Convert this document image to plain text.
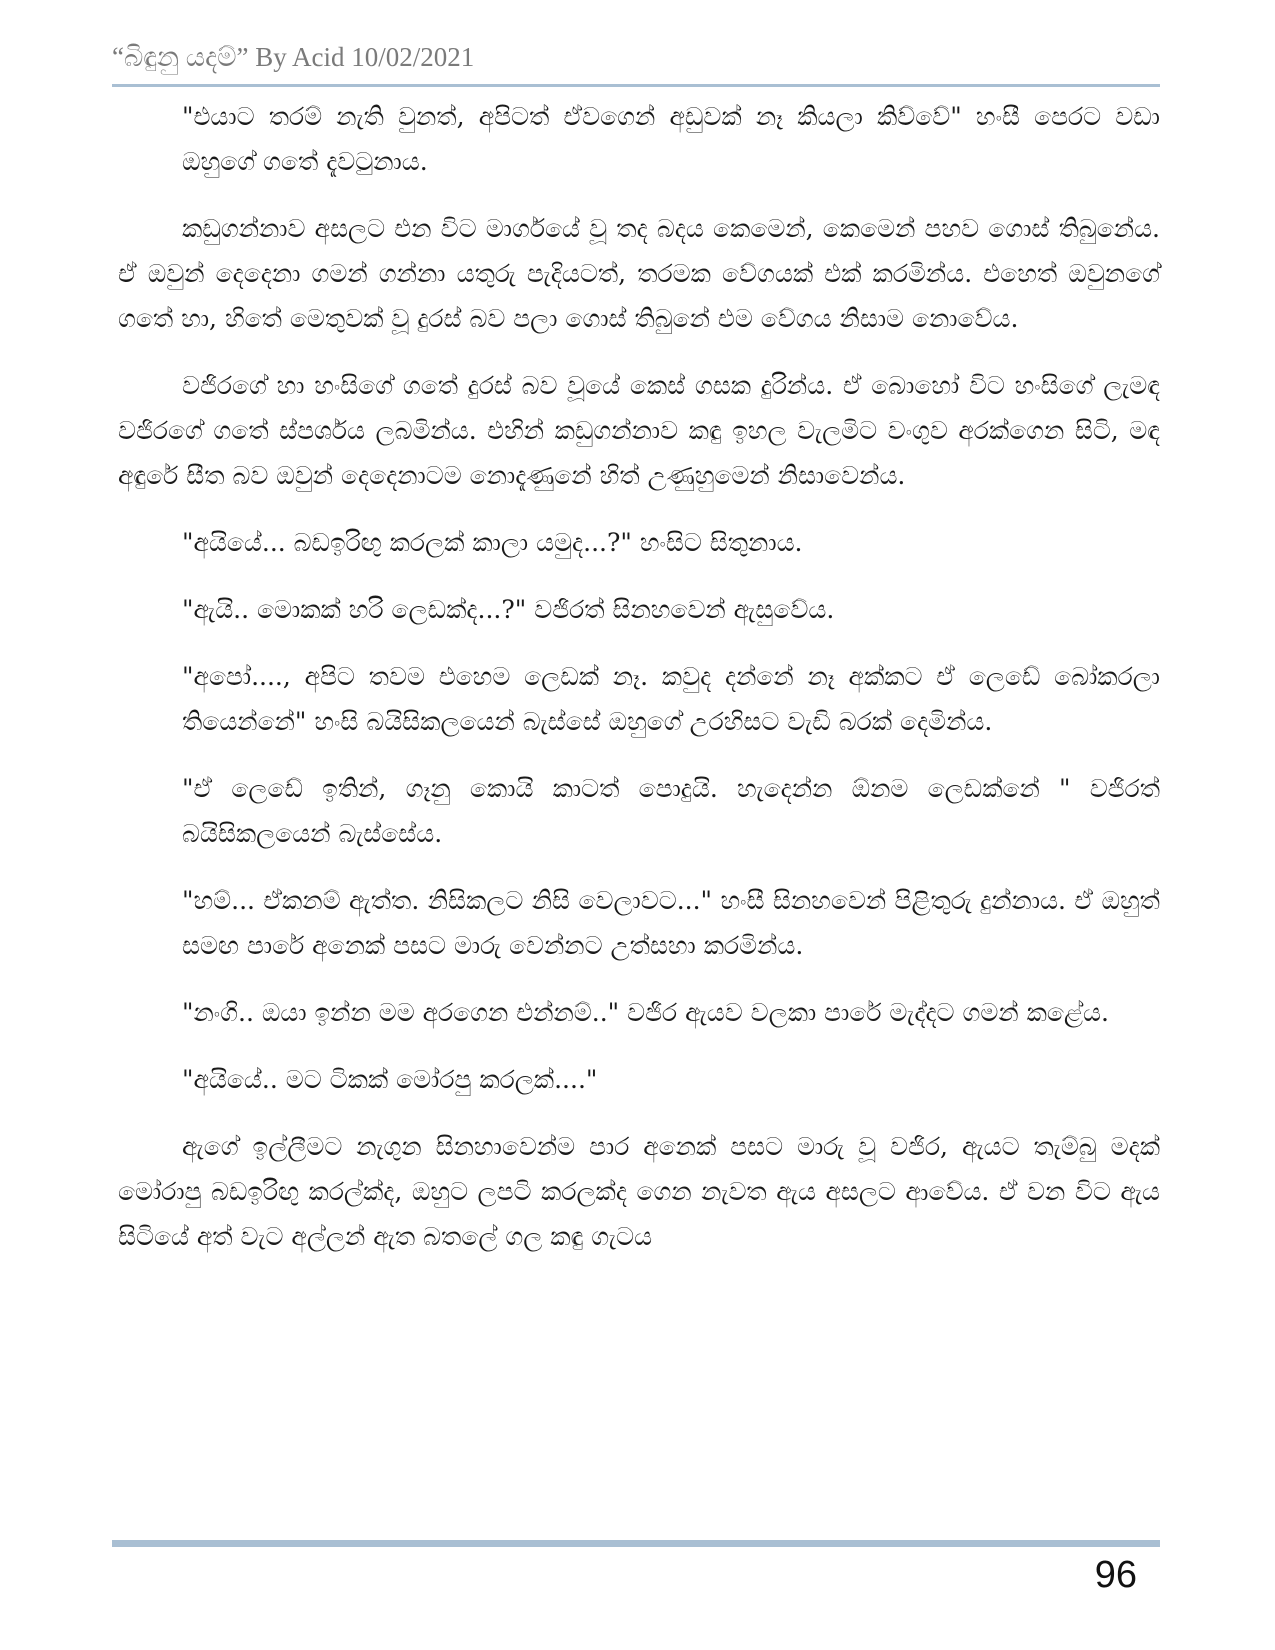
“බිඳුනු යදම්” By Acid 10/02/2021

"එයාට තරම් නැති වුනත්, අපිටත් ඒවගෙන් අඩුවක් නෑ කියලා කිව්වේ" හංසී පෙරට වඩා ඔහුගේ ගතේ දැවටුනාය.

කඩුගන්නාව අසලට එන විට මාර්ගයේ වූ තද බදය කෙමෙන්, කෙමෙන් පහව ගොස් තිබුනේය. ඒ ඔවුන් දෙදෙනා ගමන් ගන්නා යතුරු පැදියටත්, තරමක වේගයක් එක් කරමින්ය. එහෙත් ඔවුනගේ ගතේ හා, හිතේ මෙතුවක් වූ දුරස් බව පලා ගොස් තිබුනේ එම වේගය නිසාම නොවේය.

වජිරගේ හා හංසිගේ ගතේ දුරස් බව වූයේ කෙස් ගසක දුරින්ය. ඒ බොහෝ විට හංසිගේ ලැමඳ වජිරගේ ගතේ ස්පර්ශය ලබමින්ය. එහින් කඩුගන්නාව කඳු ඉහල වැලමිට වංගුව අරක්ගෙන සිටි, මඳ අඳුරේ සීත බව ඔවුන් දෙදෙනාටම නොදැණුනේ හිත් උණුහුමෙන් නිසාවෙන්ය.

"අයියේ... බඩඉරිඟු කරලක් කාලා යමුද...?" හංසිට සිතුනාය.

"ඇයි.. මොකක් හරි ලෙඩක්ද...?" වජිරත් සිනහවෙන් ඇසුවේය.

"අපෝ...., අපිට තවම එහෙම ලෙඩක් නෑ. කවුද දන්නේ නෑ අක්කට ඒ ලෙඩේ බෝකරලා තියෙන්නේ" හංසි බයිසිකලයෙන් බැස්සේ ඔහුගේ උරහිසට වැඩි බරක් දෙමින්ය.

"ඒ ලෙඩේ ඉතින්, ගෑනු කොයි කාටත් පොදුයි. හැදෙන්න ඕනම ලෙඩක්නේ " වජිරත් බයිසිකලයෙන් බැස්සේය.

"හම්... ඒකනම් ඇත්ත. නිසිකලට නිසි වෙලාවට..." හංසී සිනහවෙන් පිළිතුරු දුන්නාය. ඒ ඔහුත් සමඟ පාරේ අනෙක් පසට මාරු වෙන්නට උත්සහා කරමින්ය.

"නංගි.. ඔයා ඉන්න මම අරගෙන එන්නම්.." වජිර ඇයව වලකා පාරේ මැද්දට ගමන් කළේය.

"අයියේ.. මට ටිකක් මෝරපු කරලක්...."

ඇගේ ඉල්ලීමට නැගුන සිනහාවෙන්ම පාර අනෙක් පසට මාරු වූ වජිර, ඇයට තැම්බු මදක් මෝරාපු බඩඉරිඟු කරල්ක්ද, ඔහුට ලපටි කරලක්ද ගෙන නැවත ඇය අසලට ආවේය. ඒ වන විට ඇය සිටියේ අත් වැට අල්ලන් ඇත බතලේ ගල කඳු ගැටය

96
